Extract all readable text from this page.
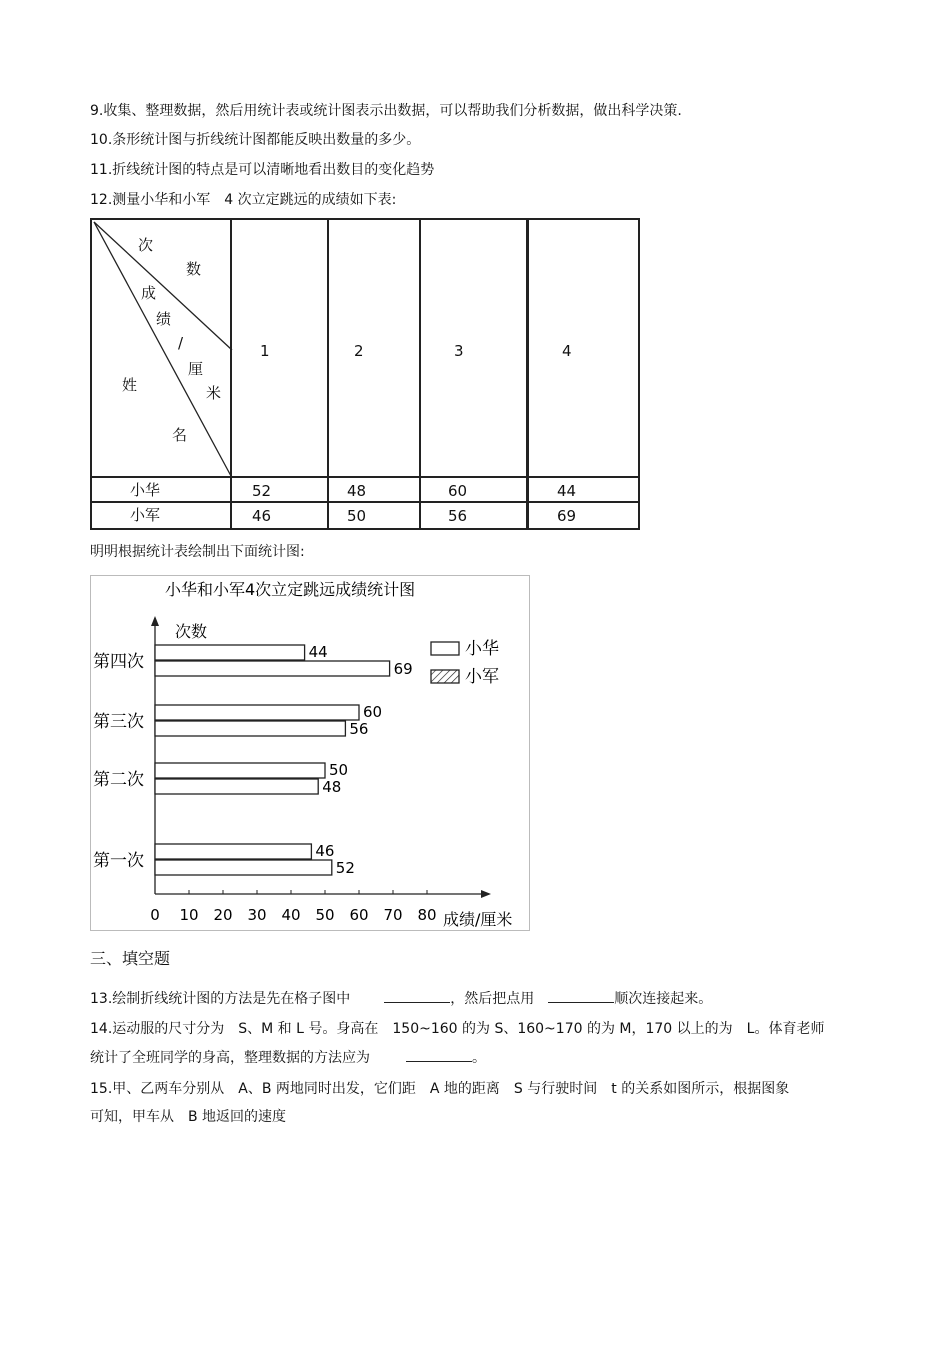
9.收集、整理数据，然后用统计表或统计图表示出数据，可以帮助我们分析数据，做出科学决策.
10.条形统计图与折线统计图都能反映出数量的多少。
11.折线统计图的特点是可以清晰地看出数目的变化趋势
12.测量小华和小军　4 次立定跳远的成绩如下表:
次
数
成
绩
/
厘
米
姓
名
1	2	3	4
小华	52	48	60	44
小军	46	50	56	69
明明根据统计表绘制出下面统计图:
小华和小军4次立定跳远成绩统计图
次数
成绩/厘米
0 10 20 30 40 50 60 70 80
第一次
第二次
第三次
第四次
46
52
50
48
60
56
44
69
小华
小军
三、填空题
13.绘制折线统计图的方法是先在格子图中	，然后把点用	顺次连接起来。
14.运动服的尺寸分为　S、M 和 L 号。身高在　150~160 的为 S、160~170 的为 M，170 以上的为　L。体育老师
统计了全班同学的身高，整理数据的方法应为	。
15.甲、乙两车分别从　A、B 两地同时出发，它们距　A 地的距离　S 与行驶时间　t 的关系如图所示，根据图象
可知，甲车从　B 地返回的速度
